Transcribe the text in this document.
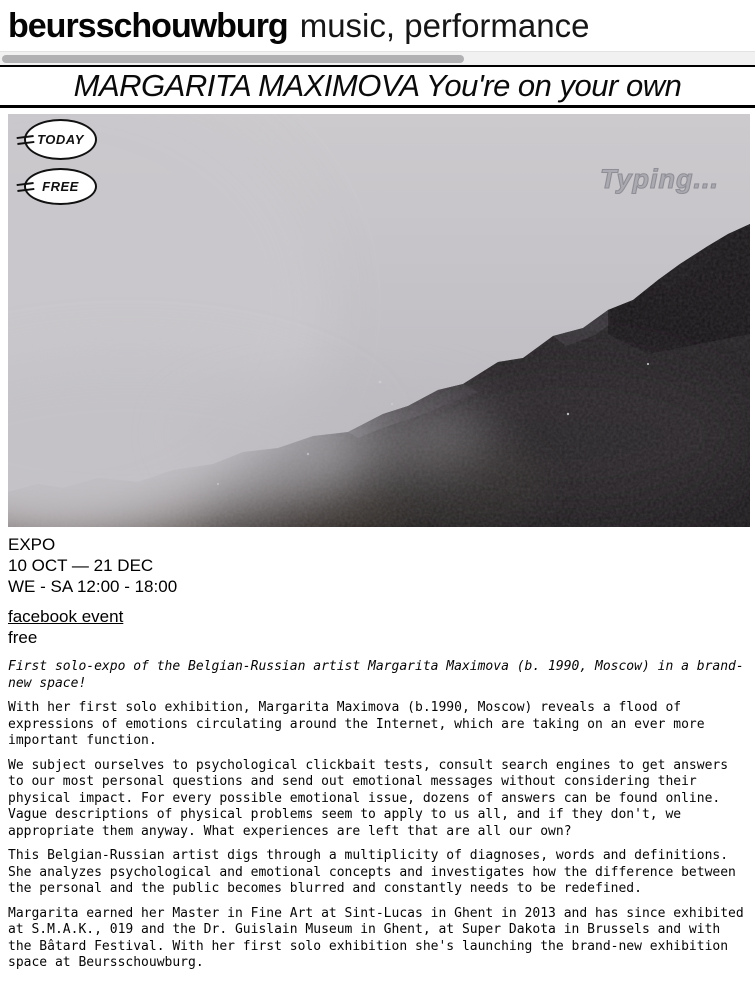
beursschouwburg music, performance
MARGARITA MAXIMOVA You're on your own
TODAY
FREE	Typing...
EXPO
10 OCT — 21 DEC
WE - SA 12:00 - 18:00
facebook event
free

First solo-expo of the Belgian-Russian artist Margarita Maximova (b. 1990, Moscow) in a brand-new space!

With her first solo exhibition, Margarita Maximova (b.1990, Moscow) reveals a flood of expressions of emotions circulating around the Internet, which are taking on an ever more important function.

We subject ourselves to psychological clickbait tests, consult search engines to get answers to our most personal questions and send out emotional messages without considering their physical impact. For every possible emotional issue, dozens of answers can be found online. Vague descriptions of physical problems seem to apply to us all, and if they don't, we appropriate them anyway. What experiences are left that are all our own?

This Belgian-Russian artist digs through a multiplicity of diagnoses, words and definitions. She analyzes psychological and emotional concepts and investigates how the difference between the personal and the public becomes blurred and constantly needs to be redefined.

Margarita earned her Master in Fine Art at Sint-Lucas in Ghent in 2013 and has since exhibited at S.M.A.K., 019 and the Dr. Guislain Museum in Ghent, at Super Dakota in Brussels and with the Bâtard Festival. With her first solo exhibition she's launching the brand-new exhibition space at Beursschouwburg.
